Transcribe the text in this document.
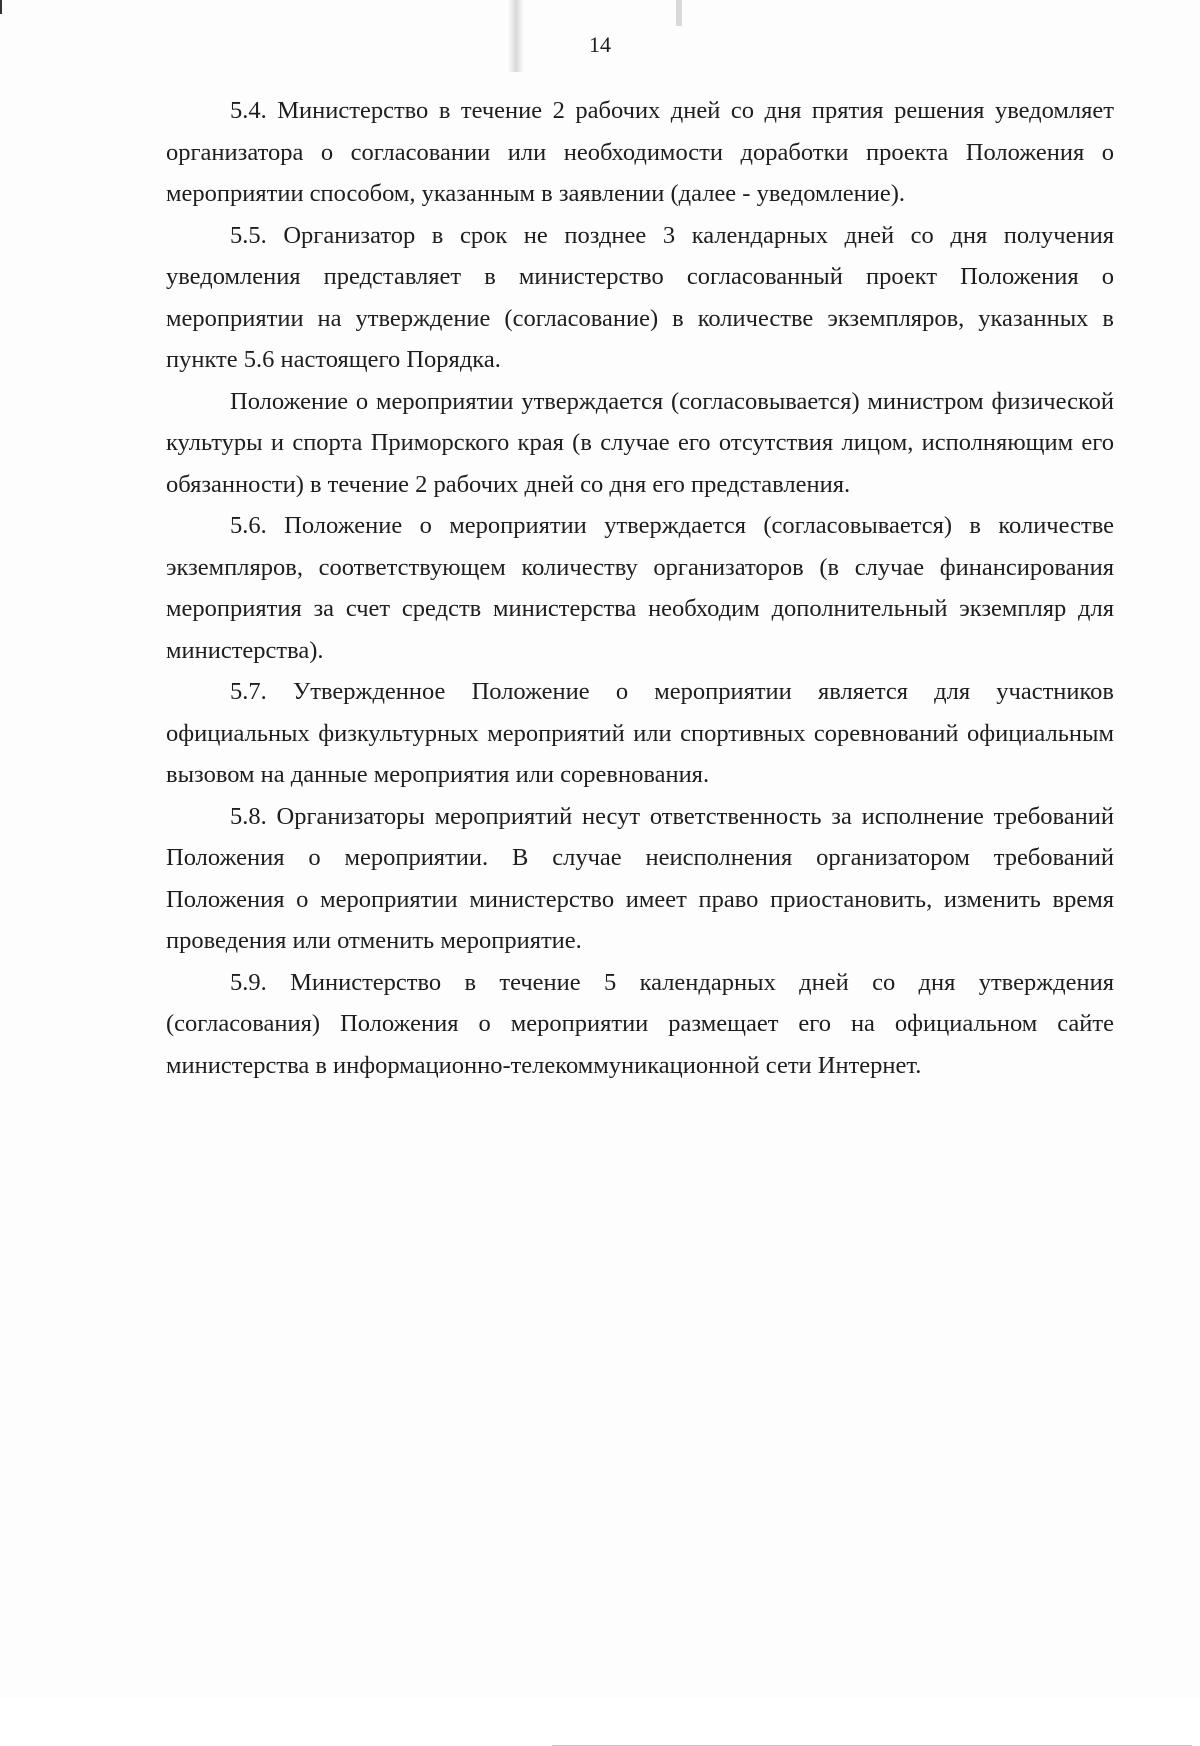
14

5.4. Министерство в течение 2 рабочих дней со дня прятия решения уведомляет организатора о согласовании или необходимости доработки проекта Положения о мероприятии способом, указанным в заявлении (далее - уведомление).

5.5. Организатор в срок не позднее 3 календарных дней со дня получения уведомления представляет в министерство согласованный проект Положения о мероприятии на утверждение (согласование) в количестве экземпляров, указанных в пункте 5.6 настоящего Порядка.

Положение о мероприятии утверждается (согласовывается) министром физической культуры и спорта Приморского края (в случае его отсутствия лицом, исполняющим его обязанности) в течение 2 рабочих дней со дня его представления.

5.6. Положение о мероприятии утверждается (согласовывается) в количестве экземпляров, соответствующем количеству организаторов (в случае финансирования мероприятия за счет средств министерства необходим дополнительный экземпляр для министерства).

5.7. Утвержденное Положение о мероприятии является для участников официальных физкультурных мероприятий или спортивных соревнований официальным вызовом на данные мероприятия или соревнования.

5.8. Организаторы мероприятий несут ответственность за исполнение требований Положения о мероприятии. В случае неисполнения организатором требований Положения о мероприятии министерство имеет право приостановить, изменить время проведения или отменить мероприятие.

5.9. Министерство в течение 5 календарных дней со дня утверждения (согласования) Положения о мероприятии размещает его на официальном сайте министерства в информационно-телекоммуникационной сети Интернет.
